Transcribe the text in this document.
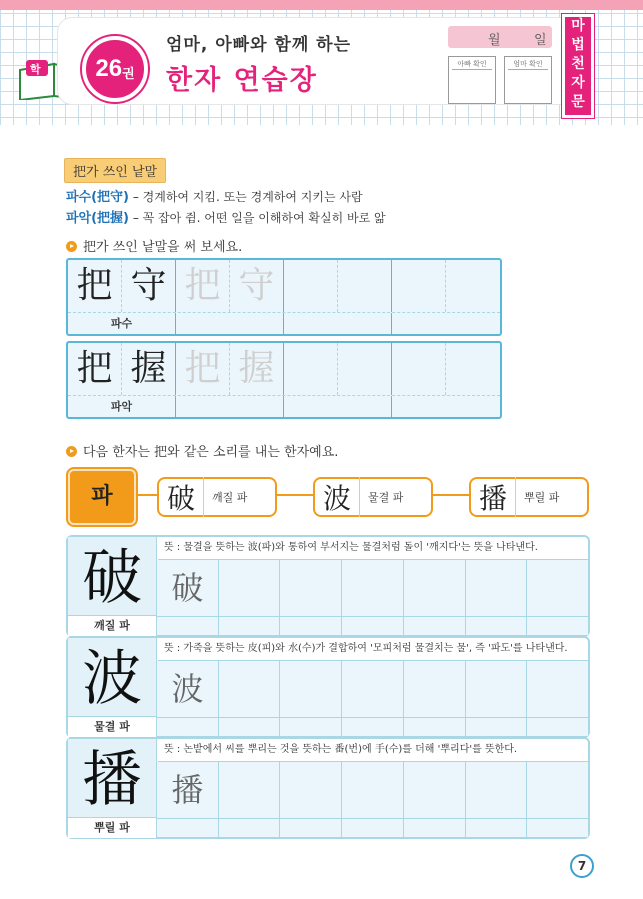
학 26 권
엄마, 아빠와 함께 하는
한자 연습장
월	일
아빠 확인	엄마 확인
마
법
천
자
문
把가 쓰인 낱말
파수(把守) – 경계하여 지킴. 또는 경계하여 지키는 사람
파악(把握) – 꼭 잡아 쥠. 어떤 일을 이해하여 확실히 바로 앎
把가 쓰인 낱말을 써 보세요.
把 守 把 守
파수
把 握 把 握
파악
다음 한자는 把와 같은 소리를 내는 한자예요.
파	破	깨질 파	波	물결 파	播	뿌릴 파
破
깨질 파
뜻 : 물결을 뜻하는 波(파)와 통하여 부서지는 물결처럼 돌이 '깨지다'는 뜻을 나타낸다.
破
波
물결 파
뜻 : 가죽을 뜻하는 皮(피)와 水(수)가 결합하여 '모피처럼 물결치는 물', 즉 '파도'를 나타낸다.
波
播
뿌릴 파
뜻 : 논밭에서 씨를 뿌리는 것을 뜻하는 番(번)에 手(수)를 더해 '뿌리다'를 뜻한다.
播
7
